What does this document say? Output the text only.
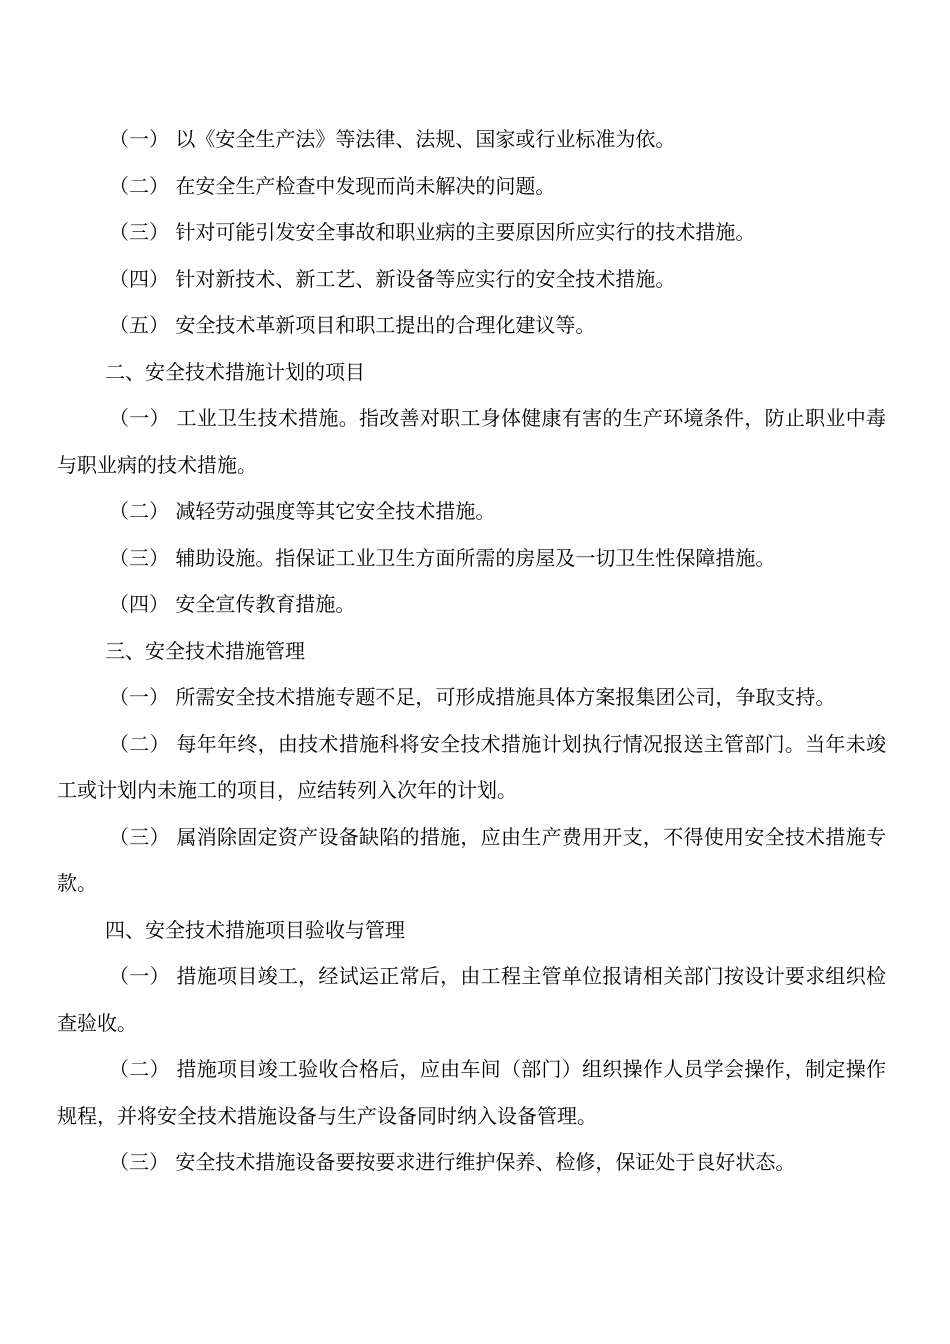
（一） 以《安全生产法》等法律、法规、国家或行业标准为依。

（二） 在安全生产检查中发现而尚未解决的问题。

（三） 针对可能引发安全事故和职业病的主要原因所应实行的技术措施。

（四） 针对新技术、新工艺、新设备等应实行的安全技术措施。

（五） 安全技术革新项目和职工提出的合理化建议等。

二、安全技术措施计划的项目

（一） 工业卫生技术措施。指改善对职工身体健康有害的生产环境条件，防止职业中毒与职业病的技术措施。

（二） 减轻劳动强度等其它安全技术措施。

（三） 辅助设施。指保证工业卫生方面所需的房屋及一切卫生性保障措施。

（四） 安全宣传教育措施。

三、安全技术措施管理

（一） 所需安全技术措施专题不足，可形成措施具体方案报集团公司，争取支持。

（二） 每年年终，由技术措施科将安全技术措施计划执行情况报送主管部门。当年未竣工或计划内未施工的项目，应结转列入次年的计划。

（三） 属消除固定资产设备缺陷的措施，应由生产费用开支，不得使用安全技术措施专款。

四、安全技术措施项目验收与管理

（一） 措施项目竣工，经试运正常后，由工程主管单位报请相关部门按设计要求组织检查验收。

（二） 措施项目竣工验收合格后，应由车间（部门）组织操作人员学会操作，制定操作规程，并将安全技术措施设备与生产设备同时纳入设备管理。

（三） 安全技术措施设备要按要求进行维护保养、检修，保证处于良好状态。
